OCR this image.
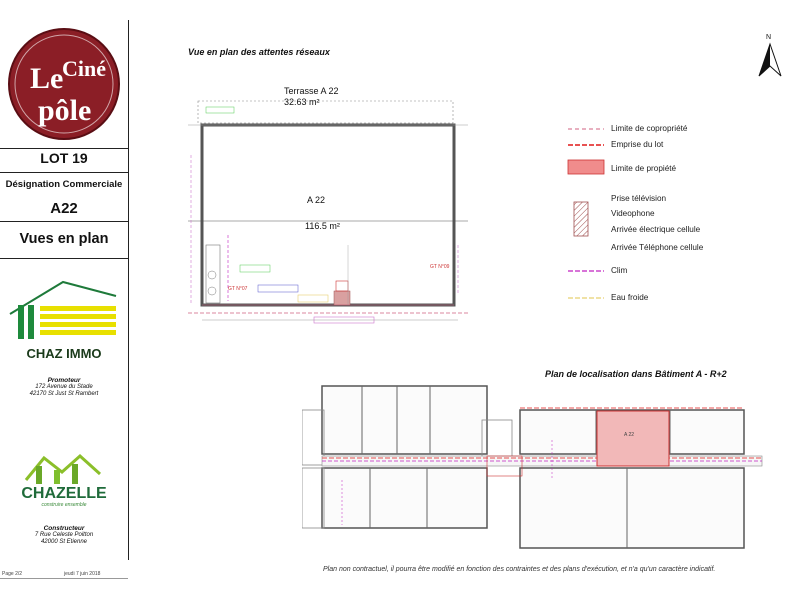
Le
Ciné
pôle
LOT 19
Désignation Commerciale
A22
Vues en plan
CHAZ IMMO
Promoteur
172 Avenue du Stade
42170 St Just St Rambert
CHAZELLE
construire ensemble
Constructeur
7 Rue Celeste Poitton
42000 St Etienne
Page 2/2	jeudi 7 juin 2018
Plan non contractuel, il pourra être modifié en fonction des contraintes et des plans d'exécution, et n'a qu'un caractère indicatif.
N
Vue en plan des attentes réseaux
Terrasse A 22
32.63 m²
A 22
116.5 m²
GT N°07
GT N°09
Limite de copropriété
Emprise du lot
Limite de propiété
Prise télévision
Videophone
Arrivée électrique cellule
Arrivée Téléphone cellule
Clim
Eau froide
Plan de localisation dans Bâtiment A - R+2
A 22
